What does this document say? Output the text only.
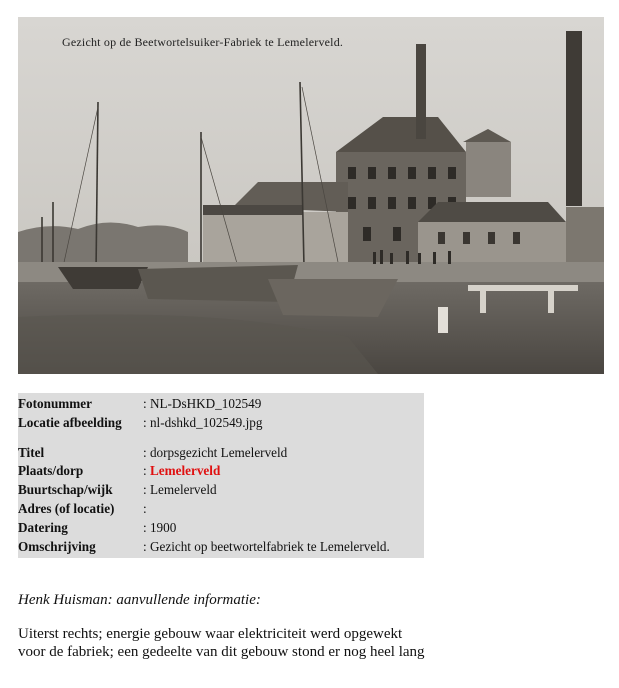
Gezicht op de Beetwortelsuiker-Fabriek te Lemelerveld.
Fotonummer	: NL-DsHKD_102549
Locatie afbeelding : nl-dshkd_102549.jpg
Titel	: dorpsgezicht Lemelerveld
Plaats/dorp	: Lemelerveld
Buurtschap/wijk : Lemelerveld
Adres (of locatie) :
Datering	: 1900
Omschrijving	: Gezicht op beetwortelfabriek te Lemelerveld.
Henk Huisman: aanvullende informatie:
Uiterst rechts; energie gebouw waar elektriciteit werd opgewekt
voor de fabriek; een gedeelte van dit gebouw stond er nog heel lang
